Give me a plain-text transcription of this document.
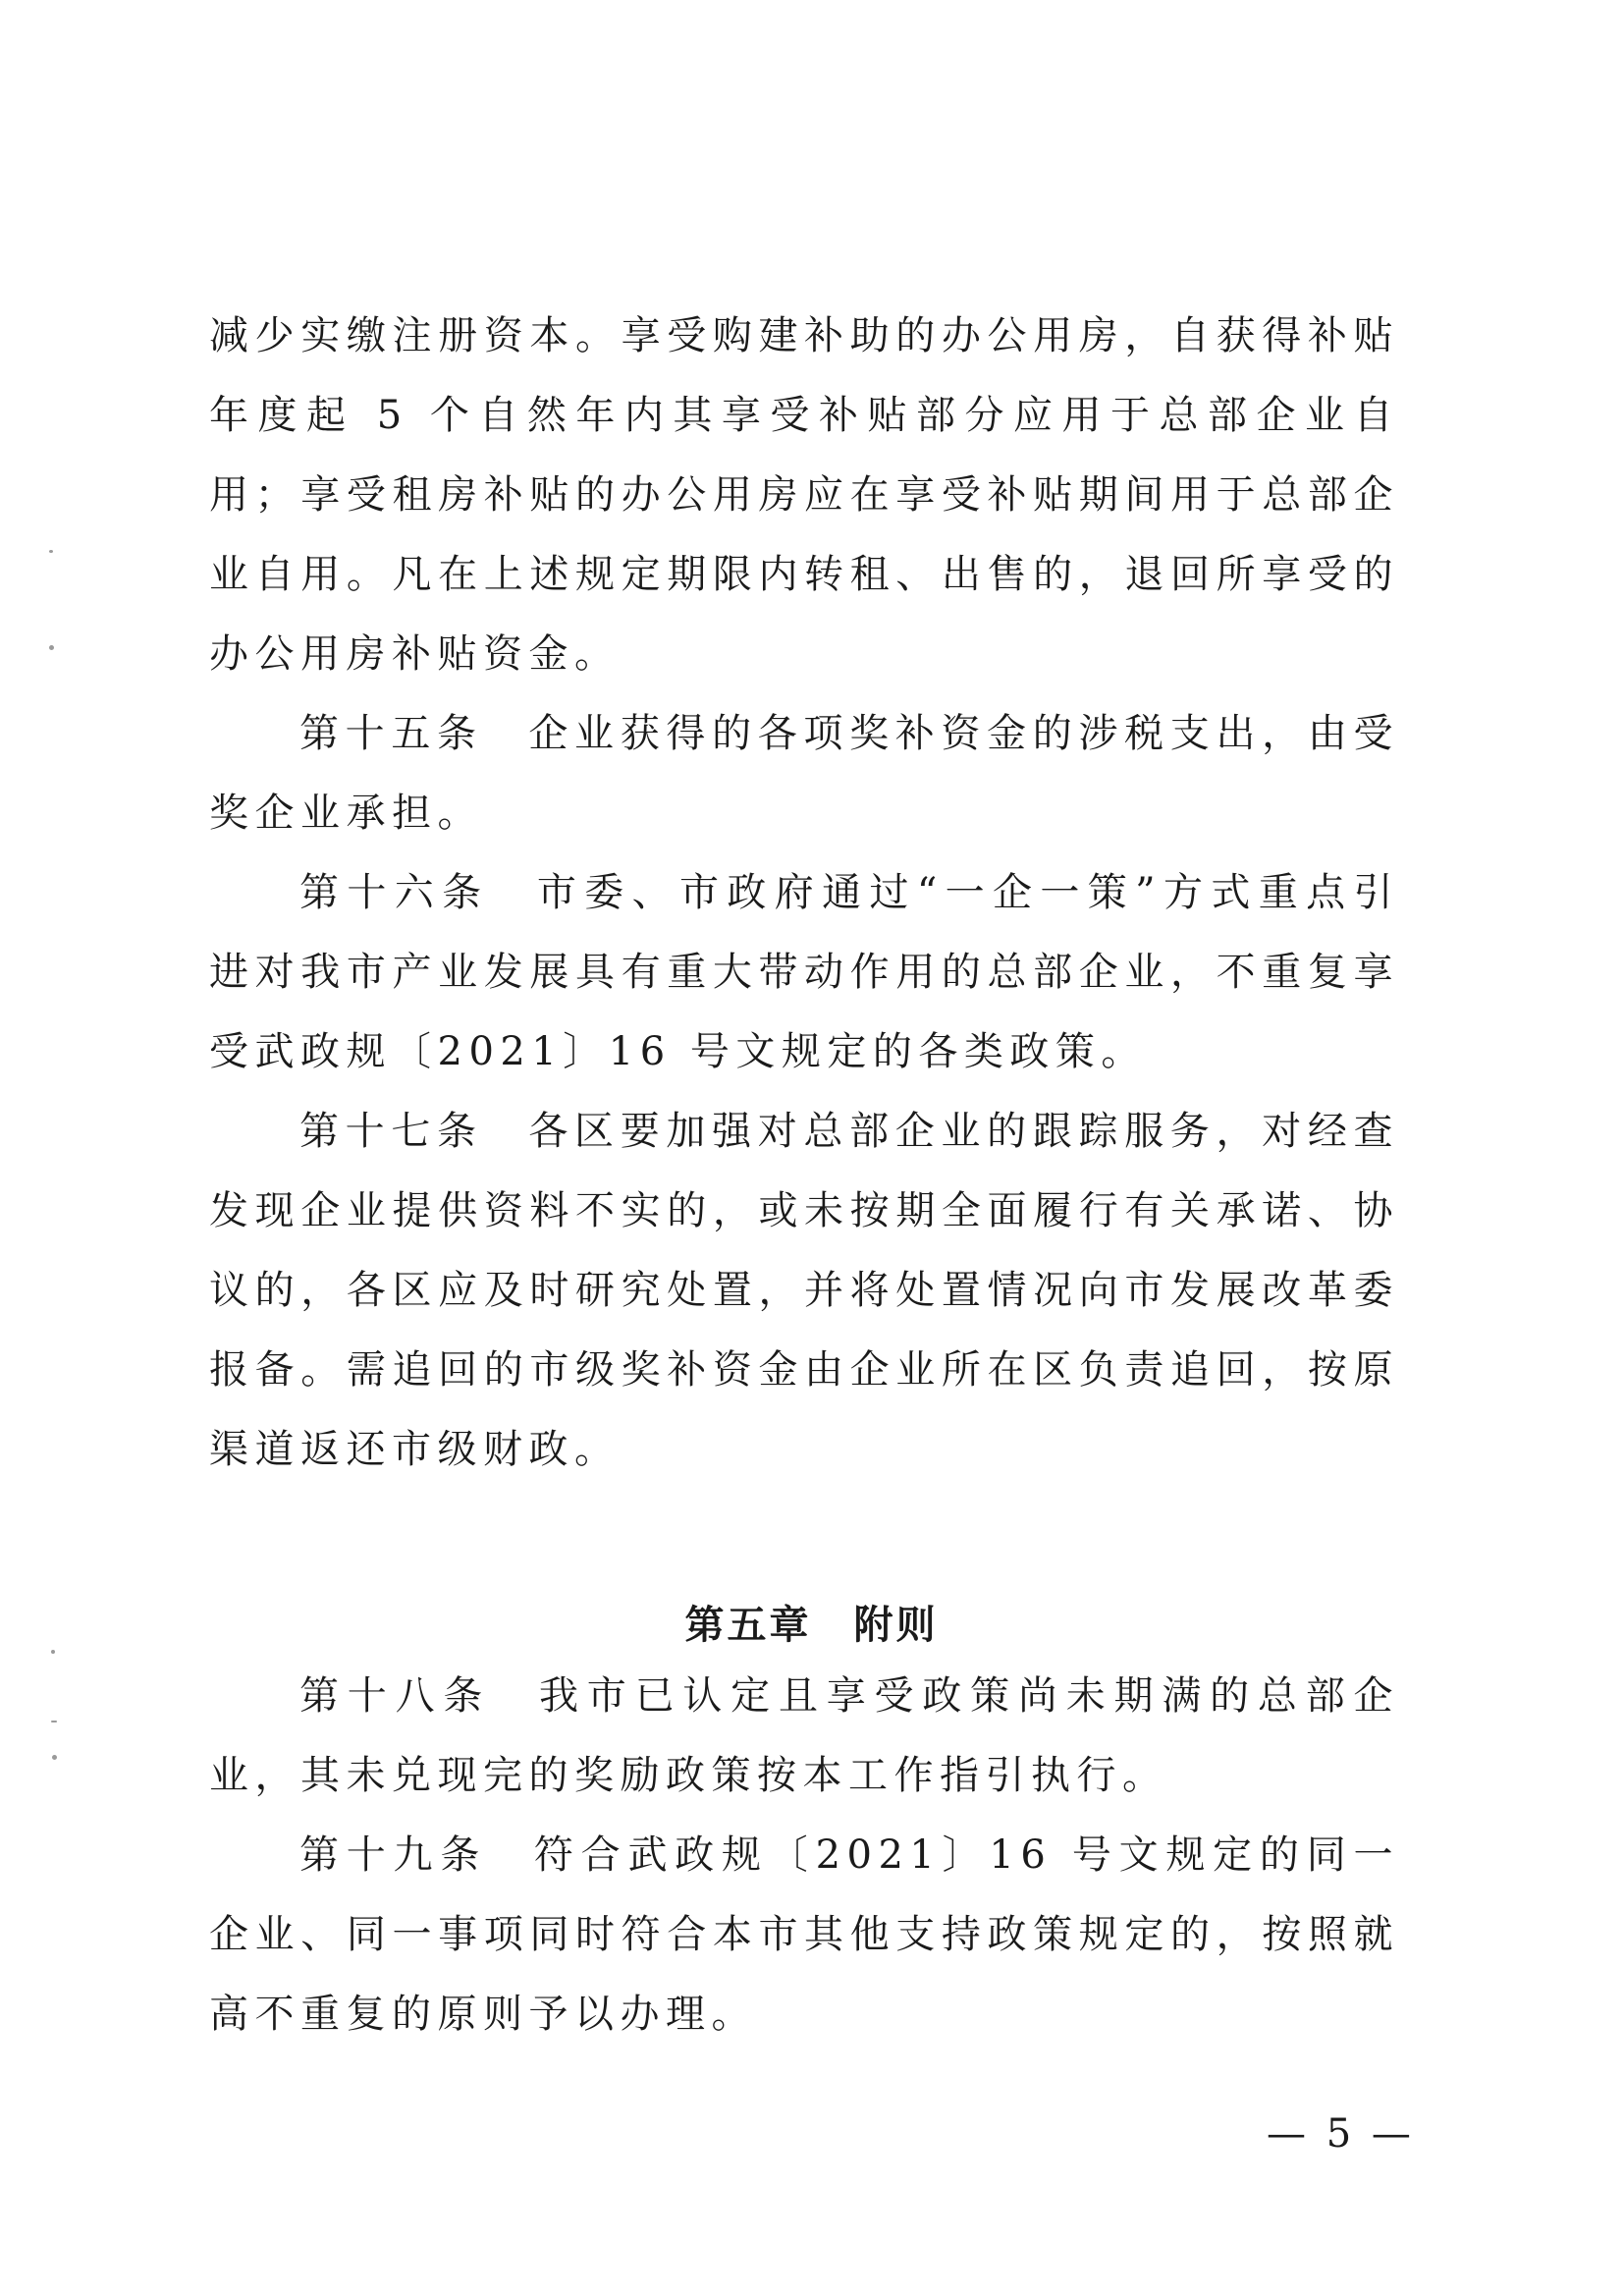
减少实缴注册资本。享受购建补助的办公用房，自获得补贴年度起 5 个自然年内其享受补贴部分应用于总部企业自用；享受租房补贴的办公用房应在享受补贴期间用于总部企业自用。凡在上述规定期限内转租、出售的，退回所享受的办公用房补贴资金。

第十五条　企业获得的各项奖补资金的涉税支出，由受奖企业承担。

第十六条　市委、市政府通过“一企一策”方式重点引进对我市产业发展具有重大带动作用的总部企业，不重复享受武政规〔2021〕16 号文规定的各类政策。

第十七条　各区要加强对总部企业的跟踪服务，对经查发现企业提供资料不实的，或未按期全面履行有关承诺、协议的，各区应及时研究处置，并将处置情况向市发展改革委报备。需追回的市级奖补资金由企业所在区负责追回，按原渠道返还市级财政。

第五章　附则

第十八条　我市已认定且享受政策尚未期满的总部企业，其未兑现完的奖励政策按本工作指引执行。

第十九条　符合武政规〔2021〕16 号文规定的同一企业、同一事项同时符合本市其他支持政策规定的，按照就高不重复的原则予以办理。

— 5 —
